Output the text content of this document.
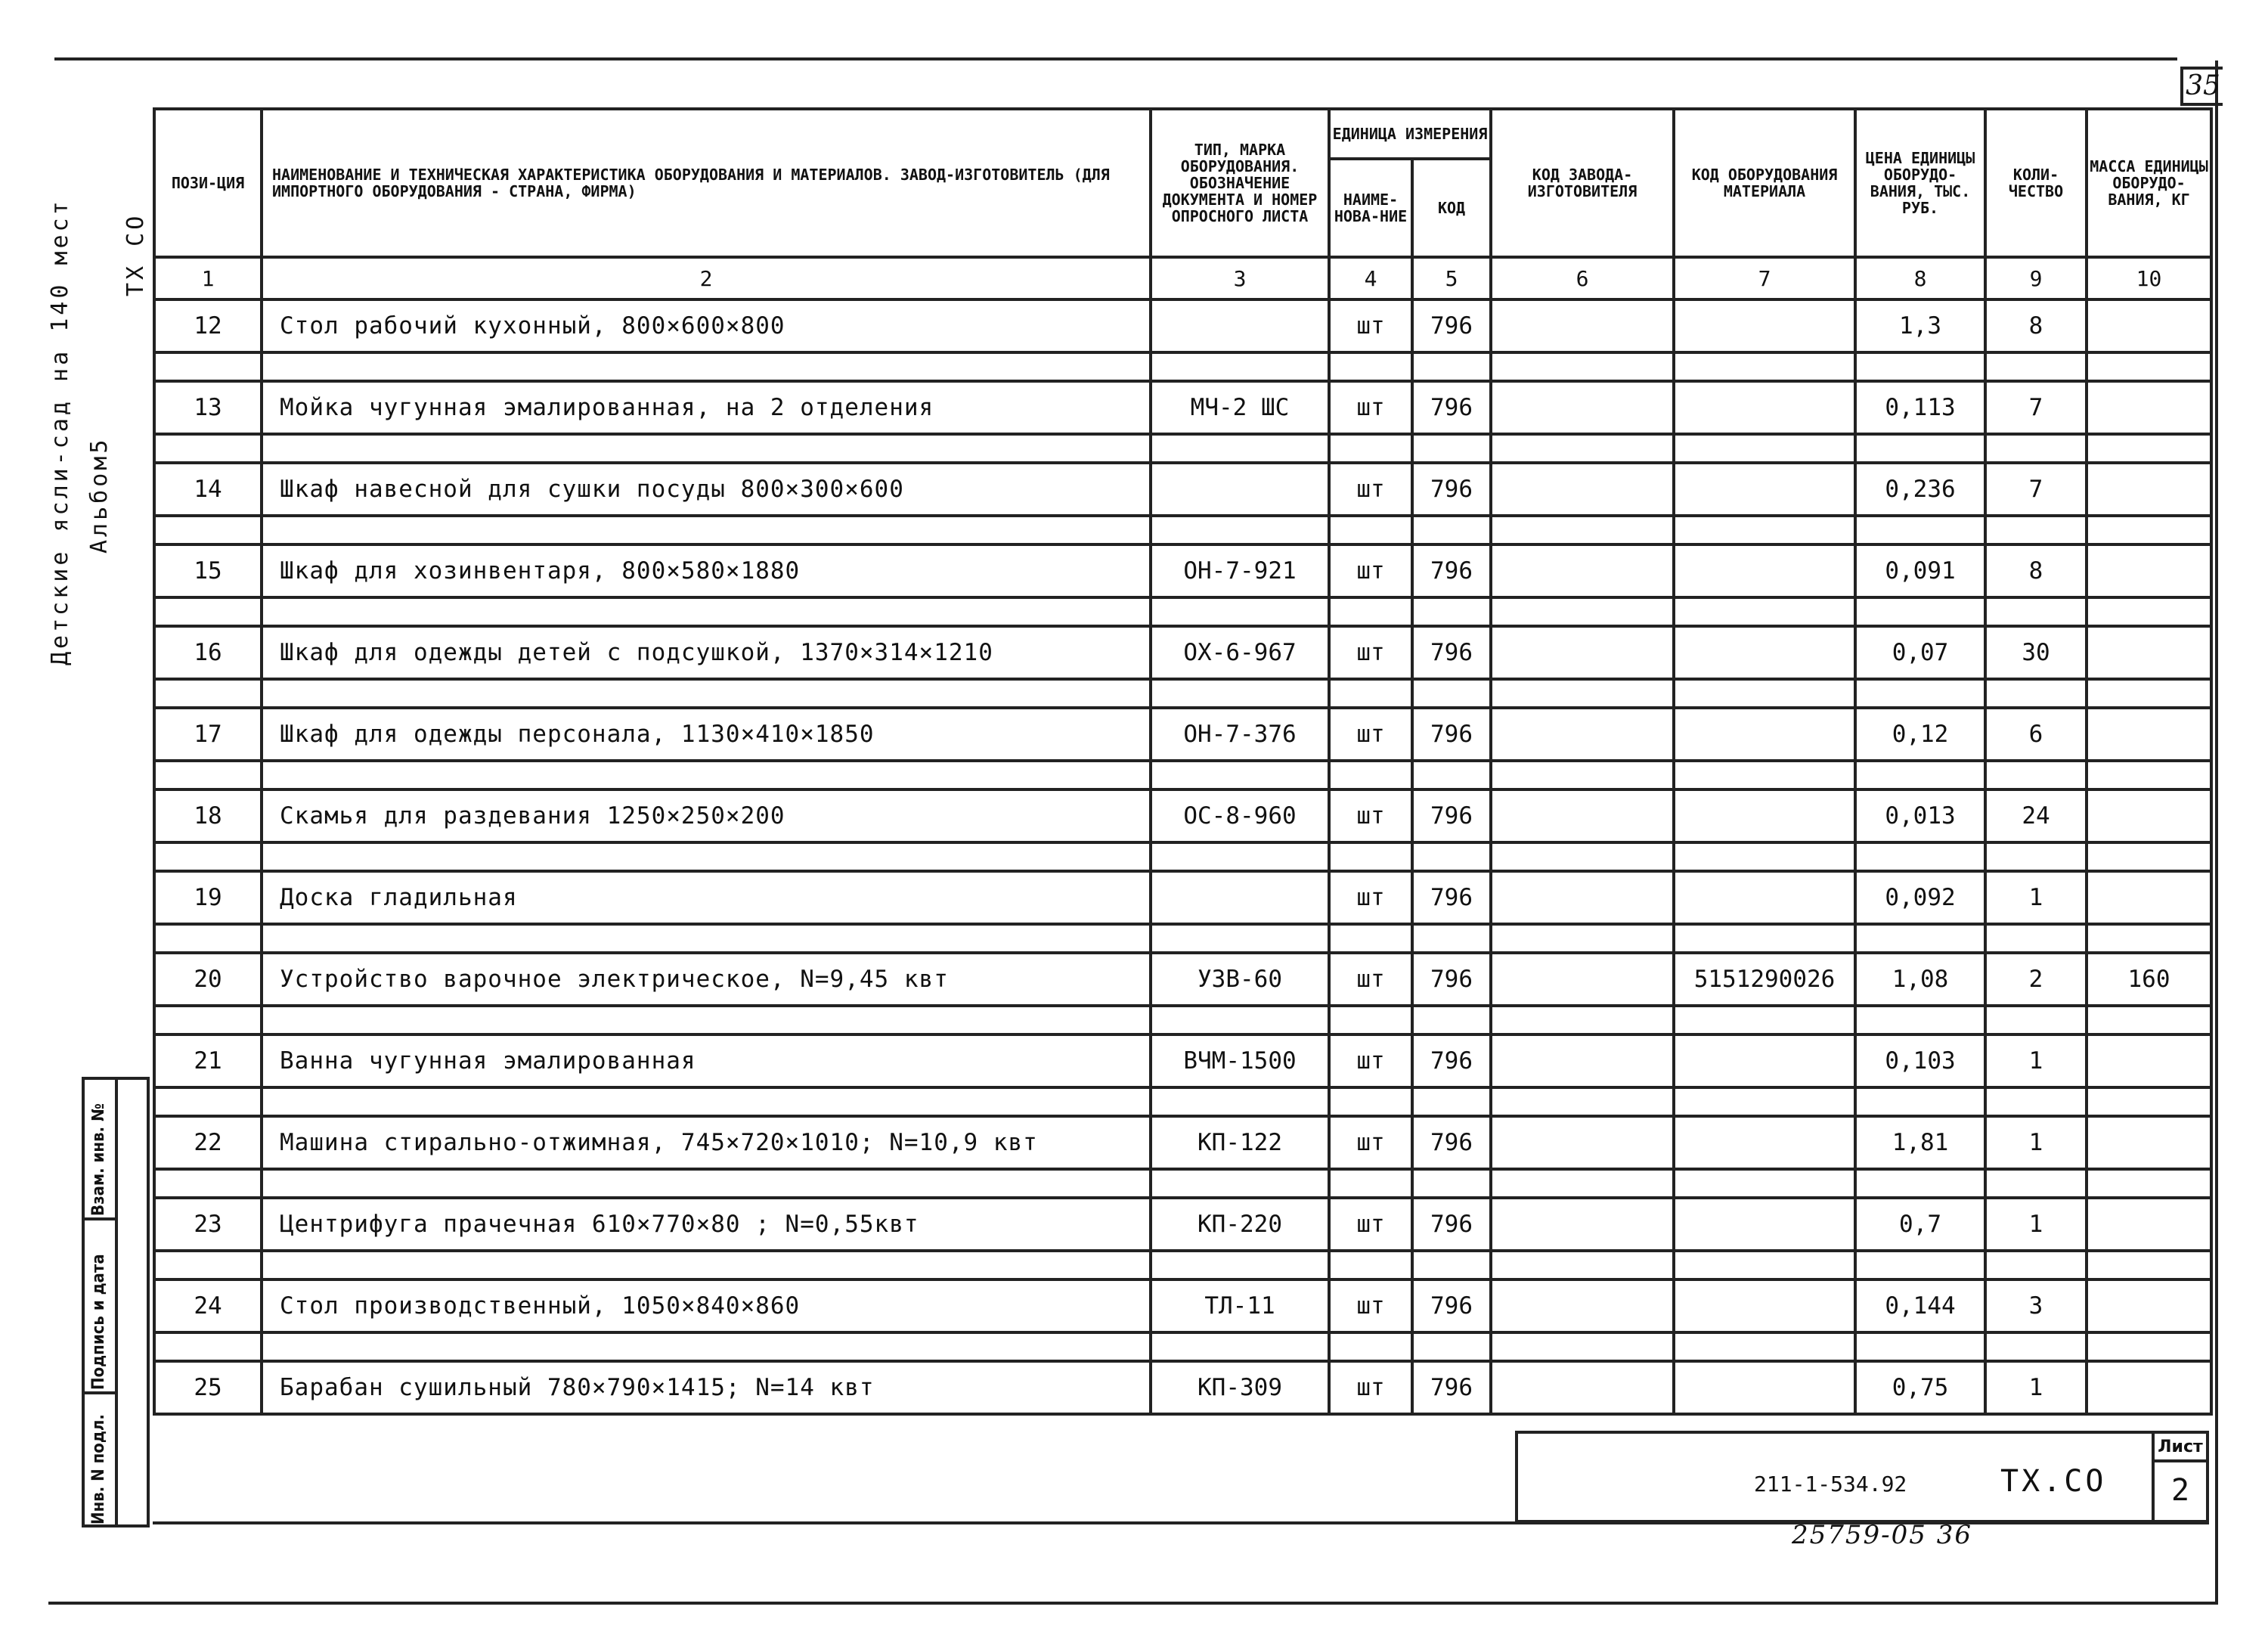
35
Детские ясли-сад на 140 мест Альбом5
ТХ СО
ПОЗИ-ЦИЯ	НАИМЕНОВАНИЕ И ТЕХНИЧЕСКАЯ ХАРАКТЕРИСТИКА ОБОРУДОВАНИЯ И МАТЕРИАЛОВ. ЗАВОД-ИЗГОТОВИТЕЛЬ (ДЛЯ ИМПОРТНОГО ОБОРУДОВАНИЯ - СТРАНА, ФИРМА)	ТИП, МАРКА ОБОРУДОВАНИЯ. ОБОЗНАЧЕНИЕ ДОКУМЕНТА И НОМЕР ОПРОСНОГО ЛИСТА	ЕДИНИЦА ИЗМЕРЕНИЯ		КОД ЗАВОДА-ИЗГОТОВИТЕЛЯ	КОД ОБОРУДОВАНИЯ МАТЕРИАЛА	ЦЕНА ЕДИНИЦЫ ОБОРУДО-ВАНИЯ, ТЫС. РУБ.	КОЛИ-ЧЕСТВО	МАССА ЕДИНИЦЫ ОБОРУДО-ВАНИЯ, КГ
			НАИМЕ-НОВА-НИЕ	КОД					
1	2	3	4	5	6	7	8	9	10
12	Стол рабочий кухонный, 800×600×800		шт	796			1,3	8	

13	Мойка чугунная эмалированная, на 2 отделения	МЧ-2 ШС	шт	796			0,113	7	

14	Шкаф навесной для сушки посуды 800×300×600		шт	796			0,236	7	

15	Шкаф для хозинвентаря, 800×580×1880	ОН-7-921	шт	796			0,091	8	

16	Шкаф для одежды детей с подсушкой, 1370×314×1210	ОХ-6-967	шт	796			0,07	30	

17	Шкаф для одежды персонала, 1130×410×1850	ОН-7-376	шт	796			0,12	6	

18	Скамья для раздевания 1250×250×200	ОС-8-960	шт	796			0,013	24	

19	Доска гладильная		шт	796			0,092	1	

20	Устройство варочное электрическое, N=9,45 квт	УЗВ-60	шт	796		5151290026	1,08	2	160

21	Ванна чугунная эмалированная	ВЧМ-1500	шт	796			0,103	1	

22	Машина стирально-отжимная, 745×720×1010; N=10,9 квт	КП-122	шт	796			1,81	1	

23	Центрифуга прачечная 610×770×80 ; N=0,55квт	КП-220	шт	796			0,7	1	

24	Стол производственный, 1050×840×860	ТЛ-11	шт	796			0,144	3	

25	Барабан сушильный 780×790×1415; N=14 квт	КП-309	шт	796			0,75	1	
Взам. инв. №
Подпись и дата
Инв. N подл.	211-1-534.92	ТХ.СО
Лист
2
25759-05 36
